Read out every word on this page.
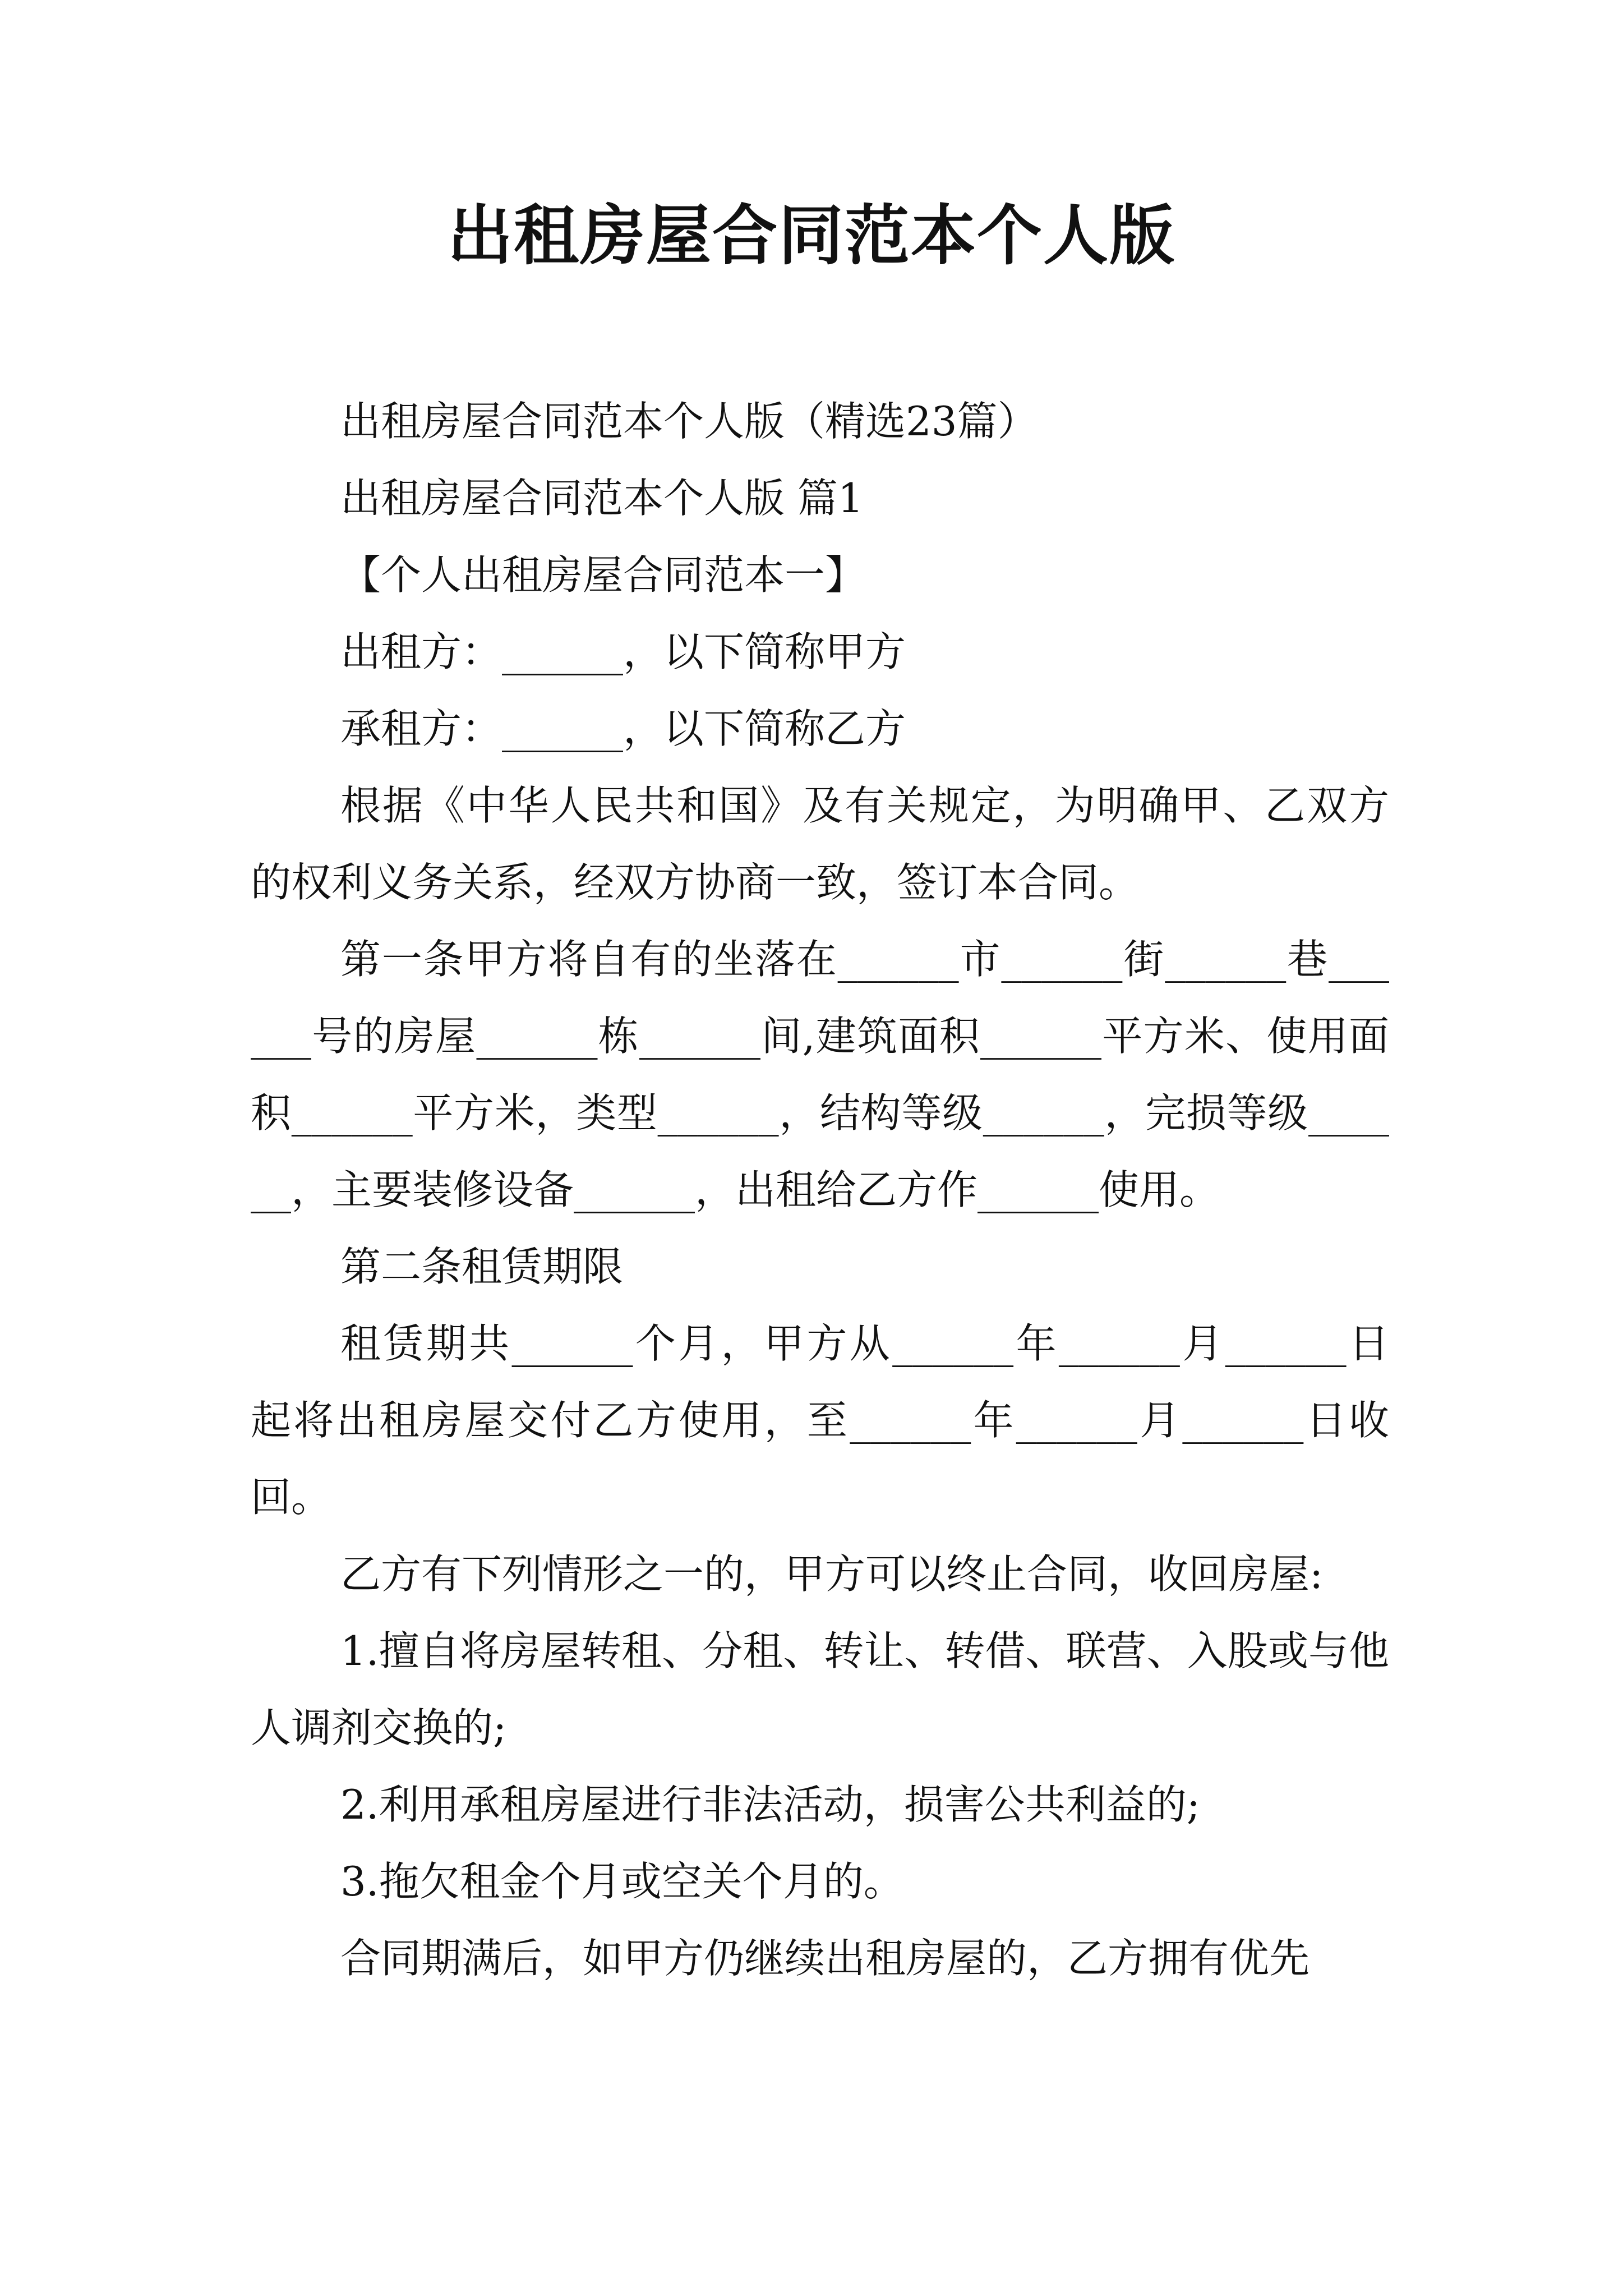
出租房屋合同范本个人版

出租房屋合同范本个人版（精选23篇）

出租房屋合同范本个人版 篇1

【个人出租房屋合同范本一】

出租方：______，以下简称甲方

承租方：______，以下简称乙方

根据《中华人民共和国》及有关规定，为明确甲、乙双方的权利义务关系，经双方协商一致，签订本合同。

第一条甲方将自有的坐落在______市______街______巷______号的房屋______栋______间,建筑面积______平方米、使用面积______平方米，类型______，结构等级______，完损等级______，主要装修设备______，出租给乙方作______使用。

第二条租赁期限

租赁期共______个月，甲方从______年______月______日起将出租房屋交付乙方使用，至______年______月______日收回。

乙方有下列情形之一的，甲方可以终止合同，收回房屋:

1.擅自将房屋转租、分租、转让、转借、联营、入股或与他人调剂交换的;

2.利用承租房屋进行非法活动，损害公共利益的;

3.拖欠租金个月或空关个月的。

合同期满后，如甲方仍继续出租房屋的，乙方拥有优先
